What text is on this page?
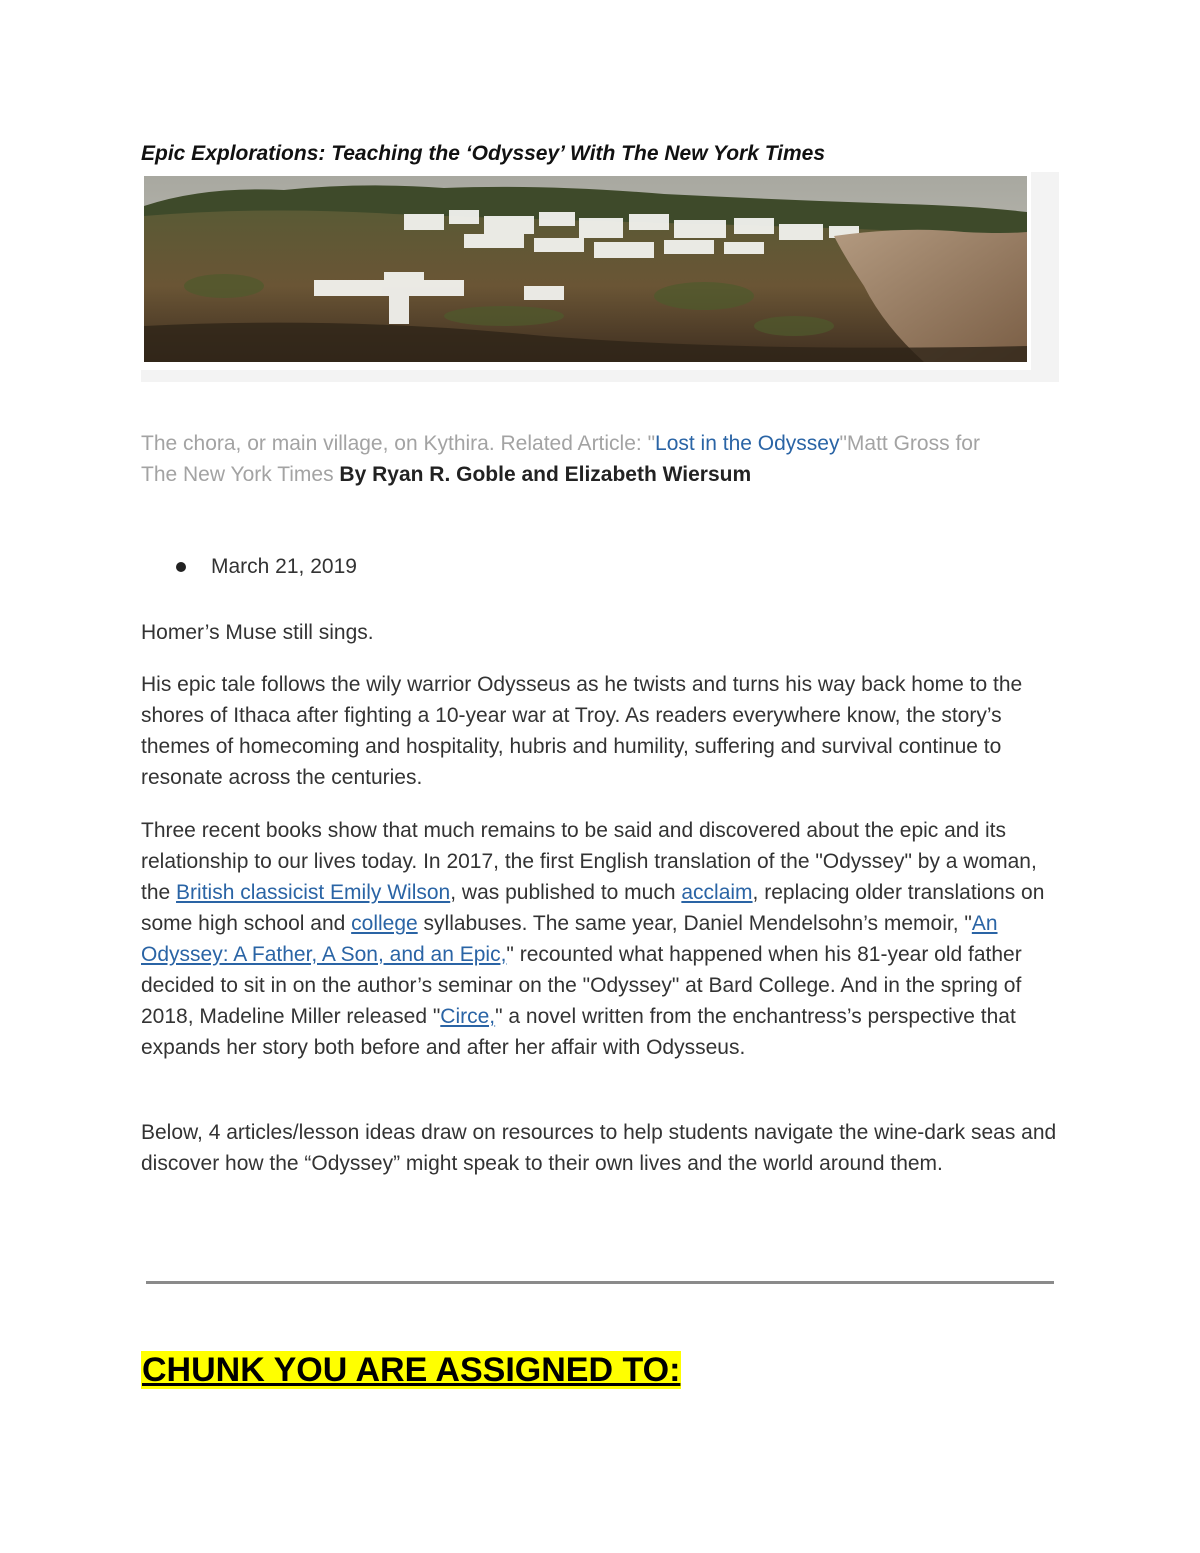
Epic Explorations: Teaching the ‘Odyssey’ With The New York Times

The chora, or main village, on Kythira. Related Article: "Lost in the Odyssey"Matt Gross for The New York Times By Ryan R. Goble and Elizabeth Wiersum

March 21, 2019

Homer’s Muse still sings.

His epic tale follows the wily warrior Odysseus as he twists and turns his way back home to the shores of Ithaca after fighting a 10-year war at Troy. As readers everywhere know, the story’s themes of homecoming and hospitality, hubris and humility, suffering and survival continue to resonate across the centuries.

Three recent books show that much remains to be said and discovered about the epic and its relationship to our lives today. In 2017, the first English translation of the "Odyssey" by a woman, the British classicist Emily Wilson, was published to much acclaim, replacing older translations on some high school and college syllabuses. The same year, Daniel Mendelsohn’s memoir, "An Odyssey: A Father, A Son, and an Epic," recounted what happened when his 81-year old father decided to sit in on the author’s seminar on the "Odyssey" at Bard College. And in the spring of 2018, Madeline Miller released "Circe," a novel written from the enchantress’s perspective that expands her story both before and after her affair with Odysseus.

Below, 4 articles/lesson ideas draw on resources to help students navigate the wine-dark seas and discover how the “Odyssey” might speak to their own lives and the world around them.

CHUNK YOU ARE ASSIGNED TO:
